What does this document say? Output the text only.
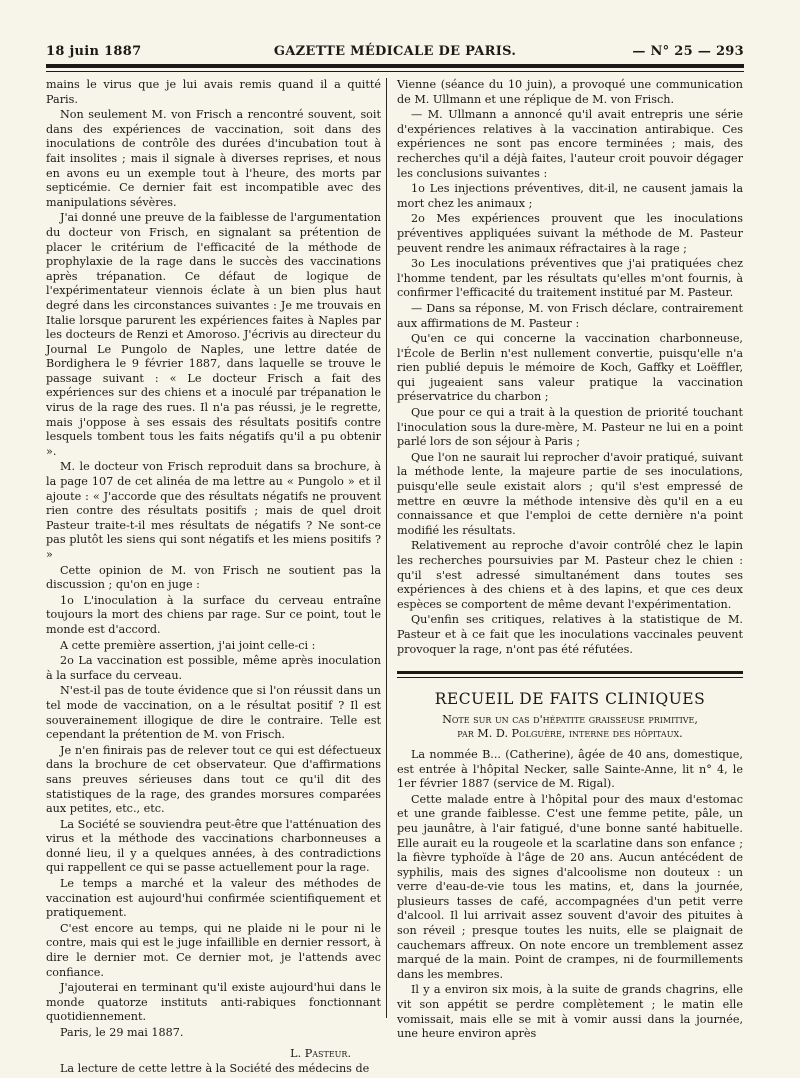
18 juin 1887	GAZETTE MÉDICALE DE PARIS.	— N° 25 — 293

mains le virus que je lui avais remis quand il a quitté Paris.

Non seulement M. von Frisch a rencontré souvent, soit dans des expériences de vaccination, soit dans des inoculations de contrôle des durées d'incubation tout à fait insolites ; mais il signale à diverses reprises, et nous en avons eu un exemple tout à l'heure, des morts par septicémie. Ce dernier fait est incompatible avec des manipulations sévères.

J'ai donné une preuve de la faiblesse de l'argumentation du docteur von Frisch, en signalant sa prétention de placer le critérium de l'efficacité de la méthode de prophylaxie de la rage dans le succès des vaccinations après trépanation. Ce défaut de logique de l'expérimentateur viennois éclate à un bien plus haut degré dans les circonstances suivantes : Je me trouvais en Italie lorsque parurent les expériences faites à Naples par les docteurs de Renzi et Amoroso. J'écrivis au directeur du Journal Le Pungolo de Naples, une lettre datée de Bordighera le 9 février 1887, dans laquelle se trouve le passage suivant : « Le docteur Frisch a fait des expériences sur des chiens et a inoculé par trépanation le virus de la rage des rues. Il n'a pas réussi, je le regrette, mais j'oppose à ses essais des résultats positifs contre lesquels tombent tous les faits négatifs qu'il a pu obtenir ».

M. le docteur von Frisch reproduit dans sa brochure, à la page 107 de cet alinéa de ma lettre au « Pungolo » et il ajoute : « J'accorde que des résultats négatifs ne prouvent rien contre des résultats positifs ; mais de quel droit Pasteur traite-t-il mes résultats de négatifs ? Ne sont-ce pas plutôt les siens qui sont négatifs et les miens positifs ? »

Cette opinion de M. von Frisch ne soutient pas la discussion ; qu'on en juge :

1o L'inoculation à la surface du cerveau entraîne toujours la mort des chiens par rage. Sur ce point, tout le monde est d'accord.

A cette première assertion, j'ai joint celle-ci :

2o La vaccination est possible, même après inoculation à la surface du cerveau.

N'est-il pas de toute évidence que si l'on réussit dans un tel mode de vaccination, on a le résultat positif ? Il est souverainement illogique de dire le contraire. Telle est cependant la prétention de M. von Frisch.

Je n'en finirais pas de relever tout ce qui est défectueux dans la brochure de cet observateur. Que d'affirmations sans preuves sérieuses dans tout ce qu'il dit des statistiques de la rage, des grandes morsures comparées aux petites, etc., etc.

La Société se souviendra peut-être que l'atténuation des virus et la méthode des vaccinations charbonneuses a donné lieu, il y a quelques années, à des contradictions qui rappellent ce qui se passe actuellement pour la rage.

Le temps a marché et la valeur des méthodes de vaccination est aujourd'hui confirmée scientifiquement et pratiquement.

C'est encore au temps, qui ne plaide ni le pour ni le contre, mais qui est le juge infaillible en dernier ressort, à dire le dernier mot. Ce dernier mot, je l'attends avec confiance.

J'ajouterai en terminant qu'il existe aujourd'hui dans le monde quatorze instituts anti-rabiques fonctionnant quotidiennement.

Paris, le 29 mai 1887.

L. Pasteur.

La lecture de cette lettre à la Société des médecins de

Vienne (séance du 10 juin), a provoqué une communication de M. Ullmann et une réplique de M. von Frisch.

— M. Ullmann a annoncé qu'il avait entrepris une série d'expériences relatives à la vaccination antirabique. Ces expériences ne sont pas encore terminées ; mais, des recherches qu'il a déjà faites, l'auteur croit pouvoir dégager les conclusions suivantes :

1o Les injections préventives, dit-il, ne causent jamais la mort chez les animaux ;

2o Mes expériences prouvent que les inoculations préventives appliquées suivant la méthode de M. Pasteur peuvent rendre les animaux réfractaires à la rage ;

3o Les inoculations préventives que j'ai pratiquées chez l'homme tendent, par les résultats qu'elles m'ont fournis, à confirmer l'efficacité du traitement institué par M. Pasteur.

— Dans sa réponse, M. von Frisch déclare, contrairement aux affirmations de M. Pasteur :

Qu'en ce qui concerne la vaccination charbonneuse, l'École de Berlin n'est nullement convertie, puisqu'elle n'a rien publié depuis le mémoire de Koch, Gaffky et Loëffler, qui jugeaient sans valeur pratique la vaccination préservatrice du charbon ;

Que pour ce qui a trait à la question de priorité touchant l'inoculation sous la dure-mère, M. Pasteur ne lui en a point parlé lors de son séjour à Paris ;

Que l'on ne saurait lui reprocher d'avoir pratiqué, suivant la méthode lente, la majeure partie de ses inoculations, puisqu'elle seule existait alors ; qu'il s'est empressé de mettre en œuvre la méthode intensive dès qu'il en a eu connaissance et que l'emploi de cette dernière n'a point modifié les résultats.

Relativement au reproche d'avoir contrôlé chez le lapin les recherches poursuivies par M. Pasteur chez le chien : qu'il s'est adressé simultanément dans toutes ses expériences à des chiens et à des lapins, et que ces deux espèces se comportent de même devant l'expérimentation.

Qu'enfin ses critiques, relatives à la statistique de M. Pasteur et à ce fait que les inoculations vaccinales peuvent provoquer la rage, n'ont pas été réfutées.

RECUEIL DE FAITS CLINIQUES
Note sur un cas d'hépatite graisseuse primitive,
par M. D. Polguère, interne des hôpitaux.

La nommée B... (Catherine), âgée de 40 ans, domestique, est entrée à l'hôpital Necker, salle Sainte-Anne, lit n° 4, le 1er février 1887 (service de M. Rigal).

Cette malade entre à l'hôpital pour des maux d'estomac et une grande faiblesse. C'est une femme petite, pâle, un peu jaunâtre, à l'air fatigué, d'une bonne santé habituelle. Elle aurait eu la rougeole et la scarlatine dans son enfance ; la fièvre typhoïde à l'âge de 20 ans. Aucun antécédent de syphilis, mais des signes d'alcoolisme non douteux : un verre d'eau-de-vie tous les matins, et, dans la journée, plusieurs tasses de café, accompagnées d'un petit verre d'alcool. Il lui arrivait assez souvent d'avoir des pituites à son réveil ; presque toutes les nuits, elle se plaignait de cauchemars affreux. On note encore un tremblement assez marqué de la main. Point de crampes, ni de fourmillements dans les membres.

Il y a environ six mois, à la suite de grands chagrins, elle vit son appétit se perdre complètement ; le matin elle vomissait, mais elle se mit à vomir aussi dans la journée, une heure environ après
